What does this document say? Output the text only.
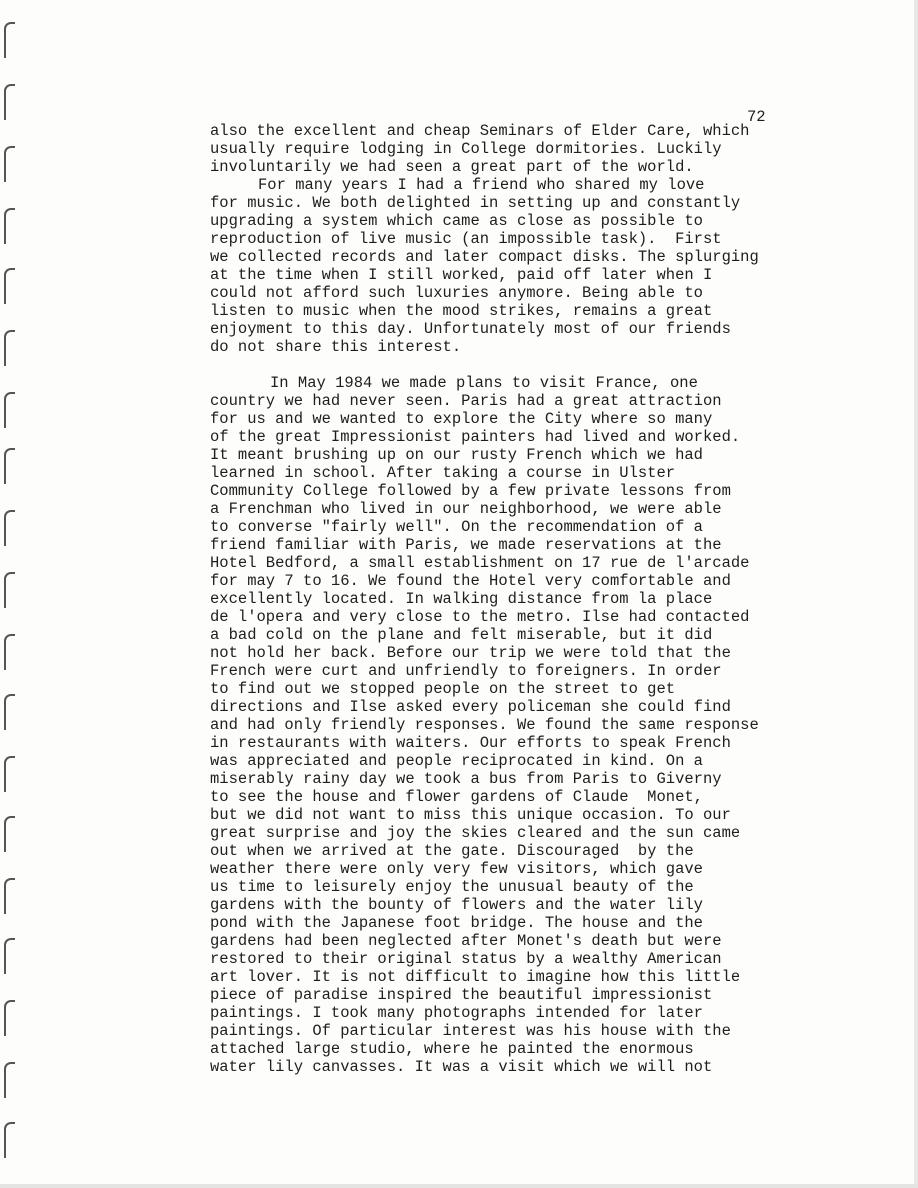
72
also the excellent and cheap Seminars of Elder Care, which
usually require lodging in College dormitories. Luckily
involuntarily we had seen a great part of the world.
For many years I had a friend who shared my love
for music. We both delighted in setting up and constantly
upgrading a system which came as close as possible to
reproduction of live music (an impossible task).  First
we collected records and later compact disks. The splurging
at the time when I still worked, paid off later when I
could not afford such luxuries anymore. Being able to
listen to music when the mood strikes, remains a great
enjoyment to this day. Unfortunately most of our friends
do not share this interest.
In May 1984 we made plans to visit France, one
country we had never seen. Paris had a great attraction
for us and we wanted to explore the City where so many
of the great Impressionist painters had lived and worked.
It meant brushing up on our rusty French which we had
learned in school. After taking a course in Ulster
Community College followed by a few private lessons from
a Frenchman who lived in our neighborhood, we were able
to converse "fairly well". On the recommendation of a
friend familiar with Paris, we made reservations at the
Hotel Bedford, a small establishment on 17 rue de l'arcade
for may 7 to 16. We found the Hotel very comfortable and
excellently located. In walking distance from la place
de l'opera and very close to the metro. Ilse had contacted
a bad cold on the plane and felt miserable, but it did
not hold her back. Before our trip we were told that the
French were curt and unfriendly to foreigners. In order
to find out we stopped people on the street to get
directions and Ilse asked every policeman she could find
and had only friendly responses. We found the same response
in restaurants with waiters. Our efforts to speak French
was appreciated and people reciprocated in kind. On a
miserably rainy day we took a bus from Paris to Giverny
to see the house and flower gardens of Claude  Monet,
but we did not want to miss this unique occasion. To our
great surprise and joy the skies cleared and the sun came
out when we arrived at the gate. Discouraged  by the
weather there were only very few visitors, which gave
us time to leisurely enjoy the unusual beauty of the
gardens with the bounty of flowers and the water lily
pond with the Japanese foot bridge. The house and the
gardens had been neglected after Monet's death but were
restored to their original status by a wealthy American
art lover. It is not difficult to imagine how this little
piece of paradise inspired the beautiful impressionist
paintings. I took many photographs intended for later
paintings. Of particular interest was his house with the
attached large studio, where he painted the enormous
water lily canvasses. It was a visit which we will not
